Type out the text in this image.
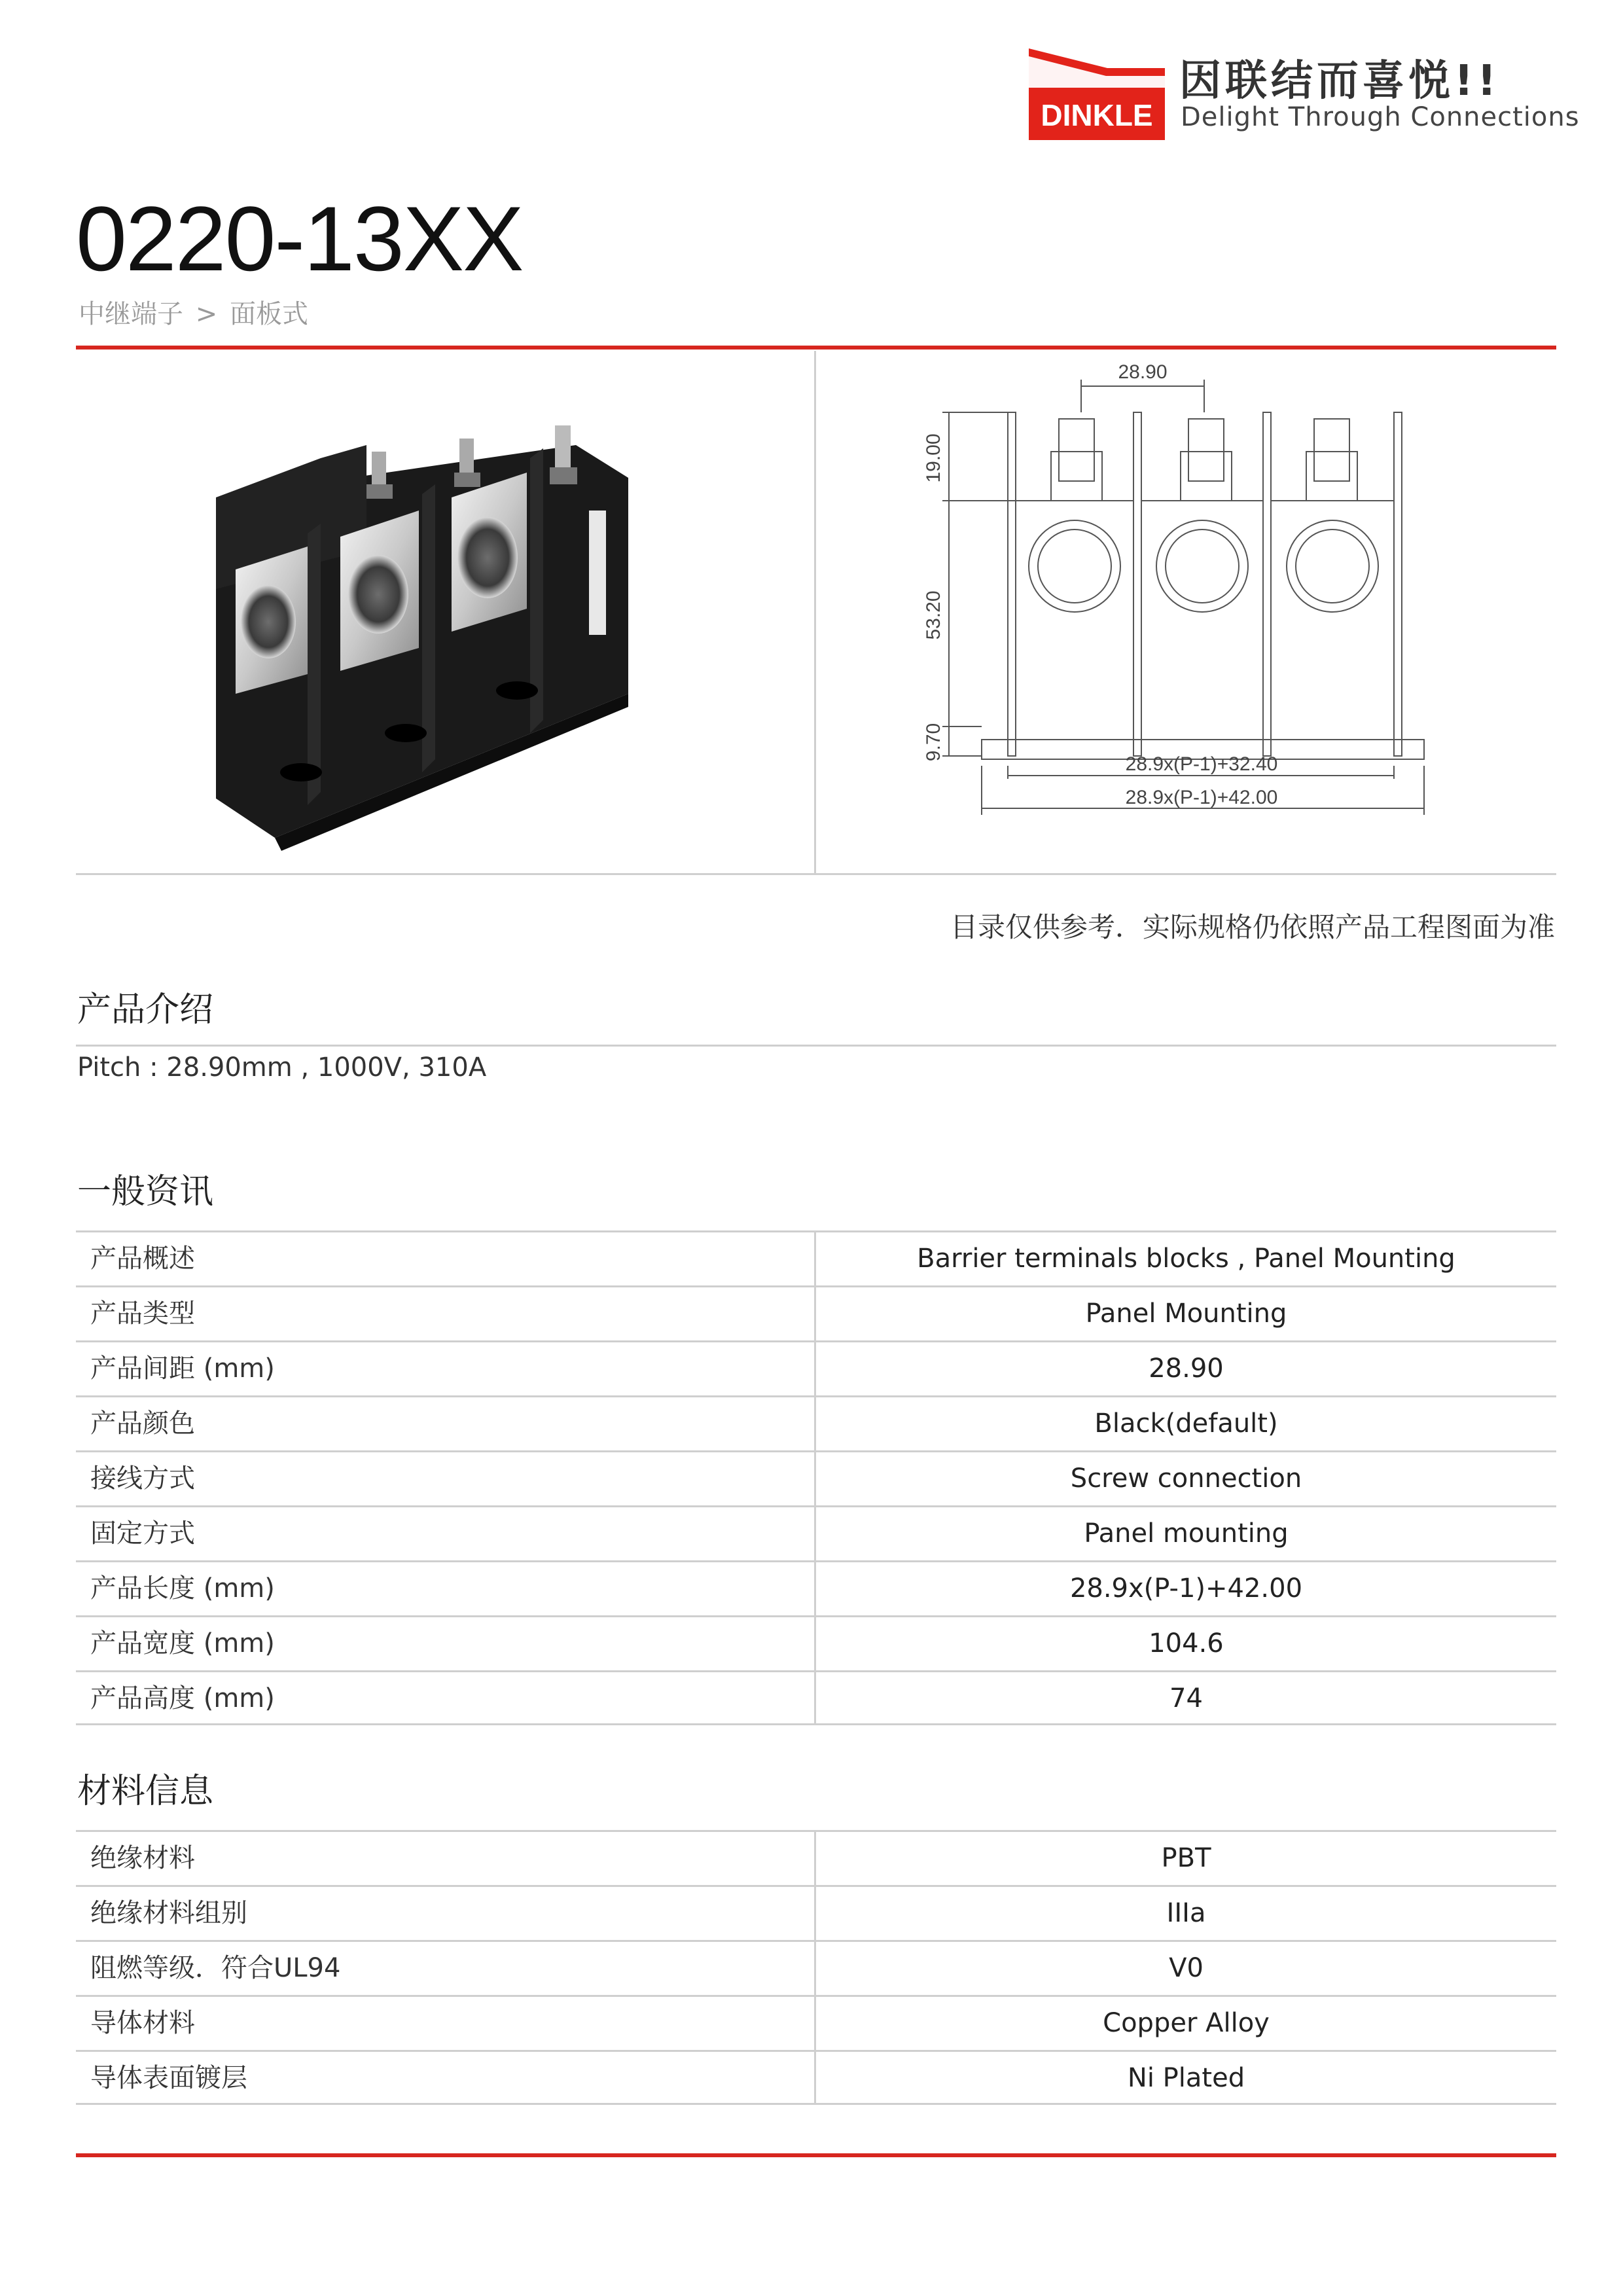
DINKLE
因联结而喜悦!!
Delight Through Connections
0220-13XX
中继端子 > 面板式
28.90
19.00
53.20
9.70
28.9x(P-1)+32.40
28.9x(P-1)+42.00
目录仅供参考．实际规格仍依照产品工程图面为准
产品介绍
Pitch : 28.90mm , 1000V, 310A
一般资讯
产品概述	Barrier terminals blocks , Panel Mounting
产品类型	Panel Mounting
产品间距 (mm)	28.90
产品颜色	Black(default)
接线方式	Screw connection
固定方式	Panel mounting
产品长度 (mm)	28.9x(P-1)+42.00
产品宽度 (mm)	104.6
产品高度 (mm)	74
材料信息
绝缘材料	PBT
绝缘材料组别	IIIa
阻燃等级．符合UL94	V0
导体材料	Copper Alloy
导体表面镀层	Ni Plated
